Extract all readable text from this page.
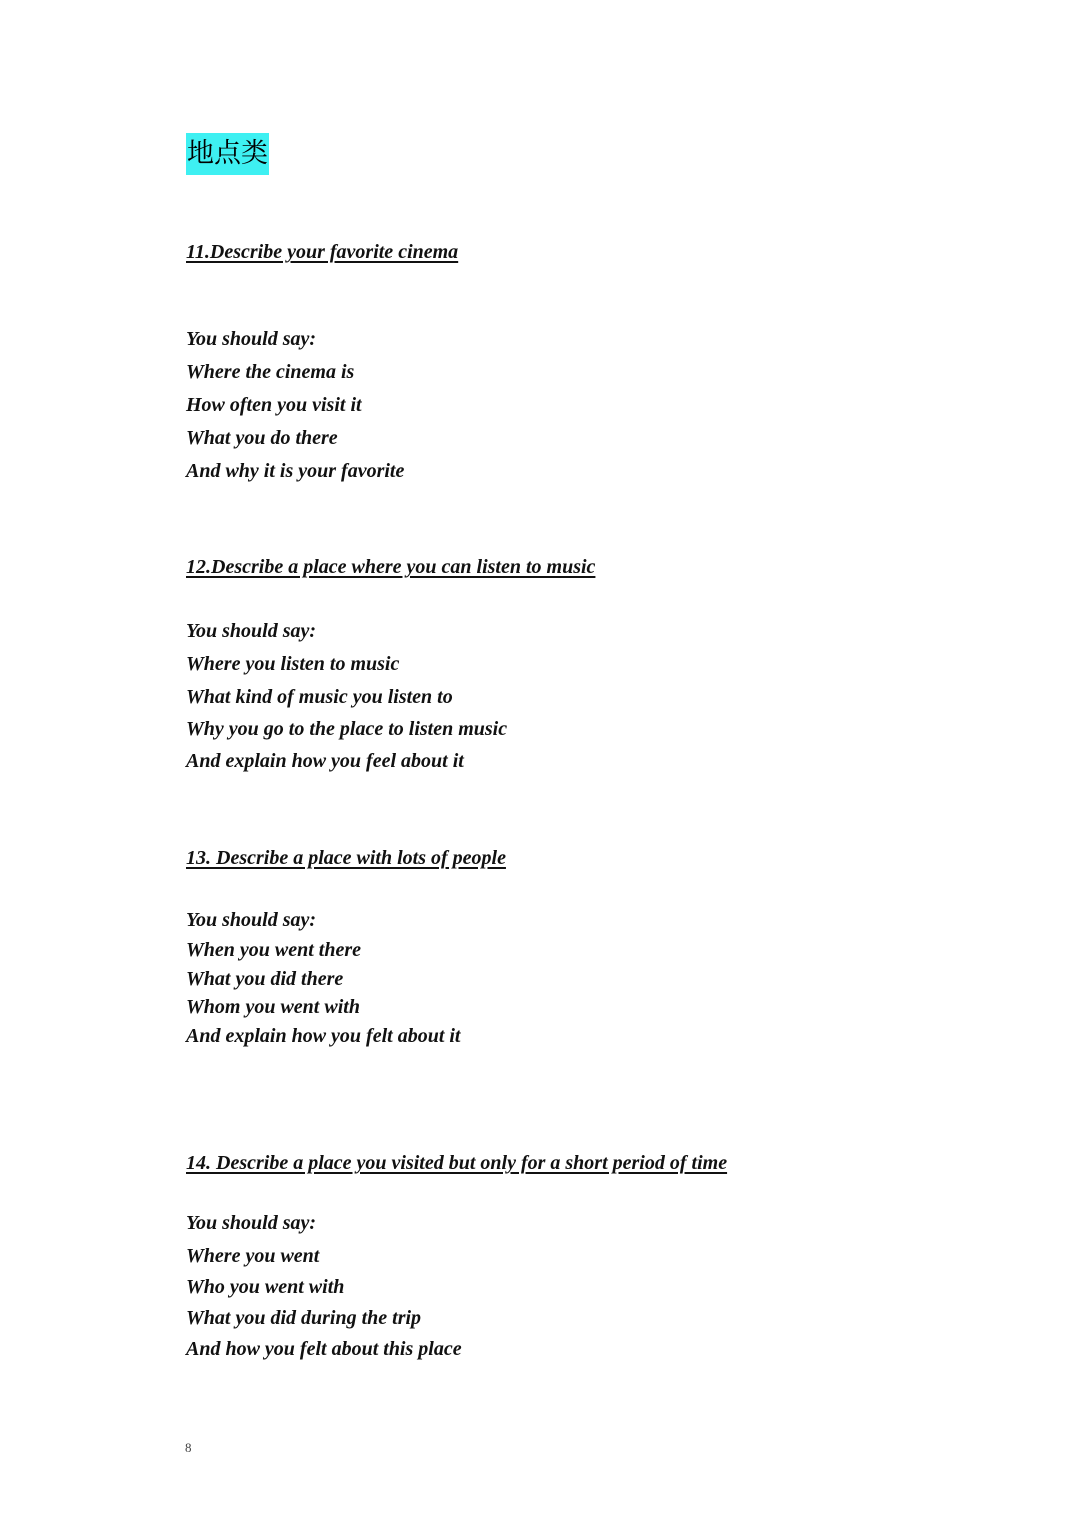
地点类
11.Describe your favorite cinema
You should say:
Where the cinema is
How often you visit it
What you do there
And why it is your favorite
12.Describe a place where you can listen to music
You should say:
Where you listen to music
What kind of music you listen to
Why you go to the place to listen music
And explain how you feel about it
13. Describe a place with lots of people
You should say:
When you went there
What you did there
Whom you went with
And explain how you felt about it
14. Describe a place you visited but only for a short period of time
You should say:
Where you went
Who you went with
What you did during the trip
And how you felt about this place
8
